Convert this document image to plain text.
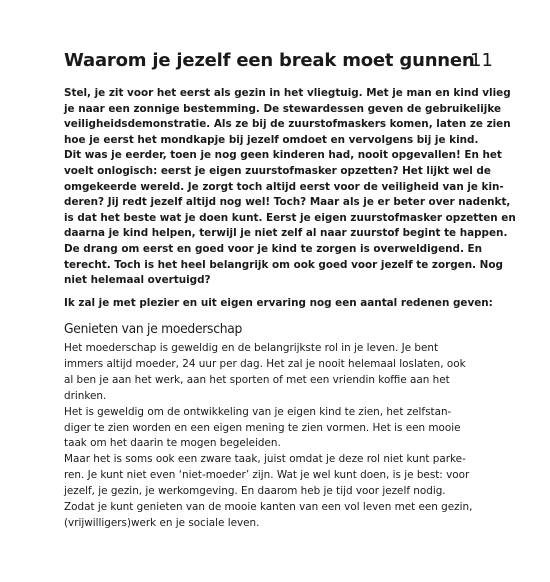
Waarom je jezelf een break moet gunnen
11
Stel, je zit voor het eerst als gezin in het vliegtuig. Met je man en kind vlieg
je naar een zonnige bestemming. De stewardessen geven de gebruikelijke
veiligheidsdemonstratie. Als ze bij de zuurstofmaskers komen, laten ze zien
hoe je eerst het mondkapje bij jezelf omdoet en vervolgens bij je kind.
Dit was je eerder, toen je nog geen kinderen had, nooit opgevallen! En het
voelt onlogisch: eerst je eigen zuurstofmasker opzetten? Het lijkt wel de
omgekeerde wereld. Je zorgt toch altijd eerst voor de veiligheid van je kin-
deren? Jij redt jezelf altijd nog wel! Toch? Maar als je er beter over nadenkt,
is dat het beste wat je doen kunt. Eerst je eigen zuurstofmasker opzetten en
daarna je kind helpen, terwijl je niet zelf al naar zuurstof begint te happen.
De drang om eerst en goed voor je kind te zorgen is overweldigend. En
terecht. Toch is het heel belangrijk om ook goed voor jezelf te zorgen. Nog
niet helemaal overtuigd?

Ik zal je met plezier en uit eigen ervaring nog een aantal redenen geven:

Genieten van je moederschap
Het moederschap is geweldig en de belangrijkste rol in je leven. Je bent
immers altijd moeder, 24 uur per dag. Het zal je nooit helemaal loslaten, ook
al ben je aan het werk, aan het sporten of met een vriendin koffie aan het
drinken.
Het is geweldig om de ontwikkeling van je eigen kind te zien, het zelfstan-
diger te zien worden en een eigen mening te zien vormen. Het is een mooie
taak om het daarin te mogen begeleiden.
Maar het is soms ook een zware taak, juist omdat je deze rol niet kunt parke-
ren. Je kunt niet even ‘niet-moeder’ zijn. Wat je wel kunt doen, is je best: voor
jezelf, je gezin, je werkomgeving. En daarom heb je tijd voor jezelf nodig.
Zodat je kunt genieten van de mooie kanten van een vol leven met een gezin,
(vrijwilligers)werk en je sociale leven.
